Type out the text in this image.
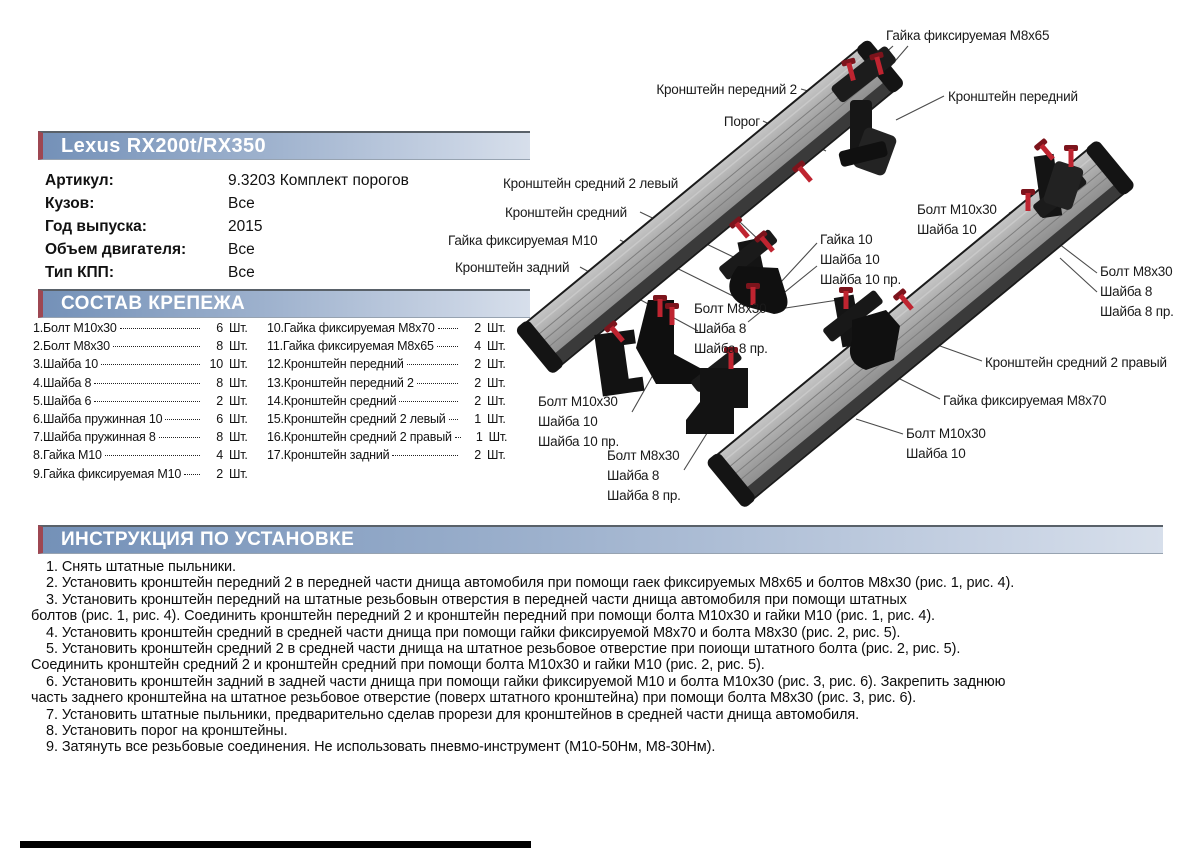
Lexus RX200t/RX350
Артикул:	9.3203 Комплект порогов
Кузов:	Все
Год выпуска:	2015
Объем двигателя:	Все
Тип КПП:	Все
СОСТАВ КРЕПЕЖА
1.Болт М10х30	6 Шт.
2.Болт М8х30	8 Шт.
3.Шайба 10	10 Шт.
4.Шайба 8	8 Шт.
5.Шайба 6	2 Шт.
6.Шайба пружинная 10	6 Шт.
7.Шайба пружинная 8	8 Шт.
8.Гайка М10	4 Шт.
9.Гайка фиксируемая М10	2 Шт.
10.Гайка фиксируемая М8х70	2 Шт.
11.Гайка фиксируемая М8х65	4 Шт.
12.Кронштейн передний	2 Шт.
13.Кронштейн передний 2	2 Шт.
14.Кронштейн средний	2 Шт.
15.Кронштейн средний 2 левый	1 Шт.
16.Кронштейн средний 2 правый	1 Шт.
17.Кронштейн задний	2 Шт.
Гайка фиксируемая М8х65
Кронштейн передний 2	Кронштейн передний
Порог
Кронштейн средний 2 левый
Кронштейн средний
Гайка фиксируемая М10
Кронштейн задний
Болт М10х30
Шайба 10
Гайка 10
Шайба 10
Шайба 10 пр.
Болт М8х30
Шайба 8
Шайба 8 пр.
Болт М8х30
Шайба 8
Шайба 8 пр.
Кронштейн средний 2 правый
Гайка фиксируемая М8х70
Болт М10х30
Шайба 10
Болт М10х30
Шайба 10
Шайба 10 пр.
Болт М8х30
Шайба 8
Шайба 8 пр.
ИНСТРУКЦИЯ ПО УСТАНОВКЕ
1. Снять штатные пыльники.
2. Установить кронштейн передний 2 в передней части днища автомобиля при помощи гаек фиксируемых М8х65 и болтов М8х30 (рис. 1, рис. 4).
3. Установить кронштейн передний на штатные резьбовын отверстия в передней части днища автомобиля при помощи штатных
болтов (рис. 1, рис. 4). Соединить кронштейн передний 2 и кронштейн передний при помощи болта М10х30 и гайки М10 (рис. 1, рис. 4).
4. Установить кронштейн средний в средней части днища при помощи гайки фиксируемой М8х70 и болта М8х30 (рис. 2, рис. 5).
5. Установить кронштейн средний 2 в средней части днища на штатное резьбовое отверстие при поиощи штатного болта (рис. 2, рис. 5).
Соединить кронштейн средний 2 и кронштейн средний при помощи болта М10х30 и гайки М10 (рис. 2, рис. 5).
6. Установить кронштейн задний в задней части днища при помощи гайки фиксируемой М10 и болта М10х30 (рис. 3, рис. 6). Закрепить заднюю
часть заднего кронштейна на штатное резьбовое отверстие (поверх штатного кронштейна) при помощи болта М8х30 (рис. 3, рис. 6).
7. Установить штатные пыльники, предварительно сделав прорези для кронштейнов в средней части днища автомобиля.
8. Установить порог на кронштейны.
9. Затянуть все резьбовые соединения. Не использовать пневмо-инструмент (М10-50Нм, М8-30Нм).
